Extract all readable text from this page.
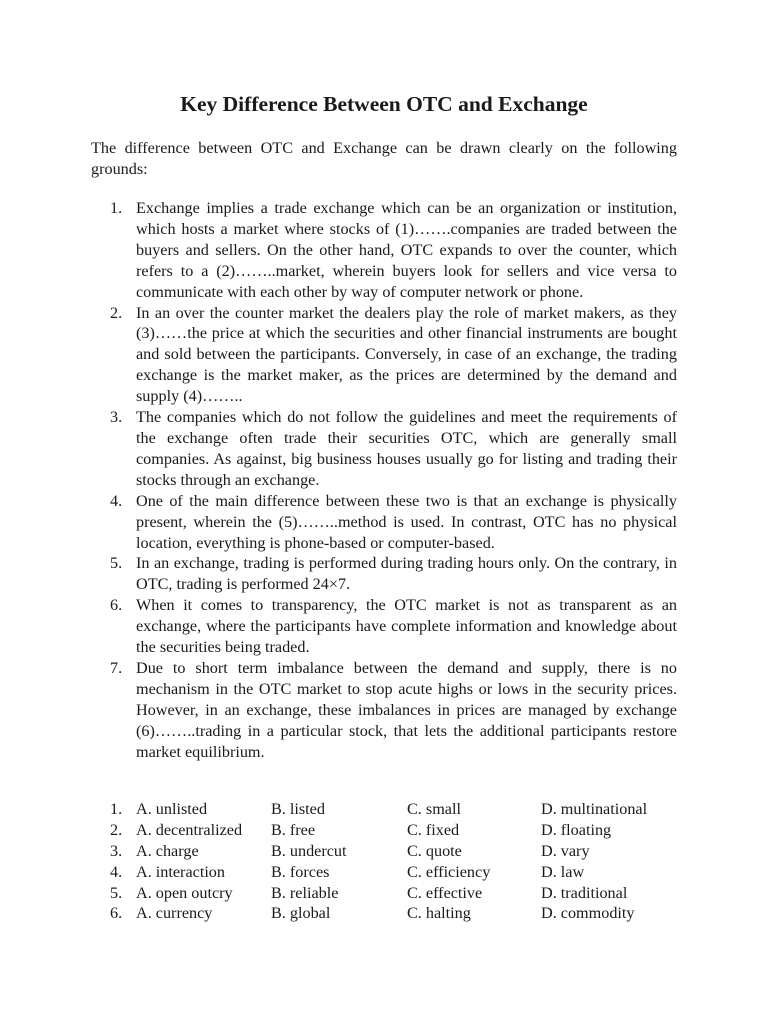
Key Difference Between OTC and Exchange

The difference between OTC and Exchange can be drawn clearly on the following grounds:

1. Exchange implies a trade exchange which can be an organization or institution, which hosts a market where stocks of (1)…….companies are traded between the buyers and sellers. On the other hand, OTC expands to over the counter, which refers to a (2)……..market, wherein buyers look for sellers and vice versa to communicate with each other by way of computer network or phone.
2. In an over the counter market the dealers play the role of market makers, as they (3)……the price at which the securities and other financial instruments are bought and sold between the participants. Conversely, in case of an exchange, the trading exchange is the market maker, as the prices are determined by the demand and supply (4)……..
3. The companies which do not follow the guidelines and meet the requirements of the exchange often trade their securities OTC, which are generally small companies. As against, big business houses usually go for listing and trading their stocks through an exchange.
4. One of the main difference between these two is that an exchange is physically present, wherein the (5)……..method is used. In contrast, OTC has no physical location, everything is phone-based or computer-based.
5. In an exchange, trading is performed during trading hours only. On the contrary, in OTC, trading is performed 24×7.
6. When it comes to transparency, the OTC market is not as transparent as an exchange, where the participants have complete information and knowledge about the securities being traded.
7. Due to short term imbalance between the demand and supply, there is no mechanism in the OTC market to stop acute highs or lows in the security prices. However, in an exchange, these imbalances in prices are managed by exchange (6)……..trading in a particular stock, that lets the additional participants restore market equilibrium.
1. A. unlisted	B. listed	C. small	D. multinational
2. A. decentralized B. free	C. fixed	D. floating
3. A. charge	B. undercut	C. quote	D. vary
4. A. interaction	B. forces	C. efficiency	D. law
5. A. open outcry B. reliable	C. effective	D. traditional
6. A. currency	B. global	C. halting	D. commodity
